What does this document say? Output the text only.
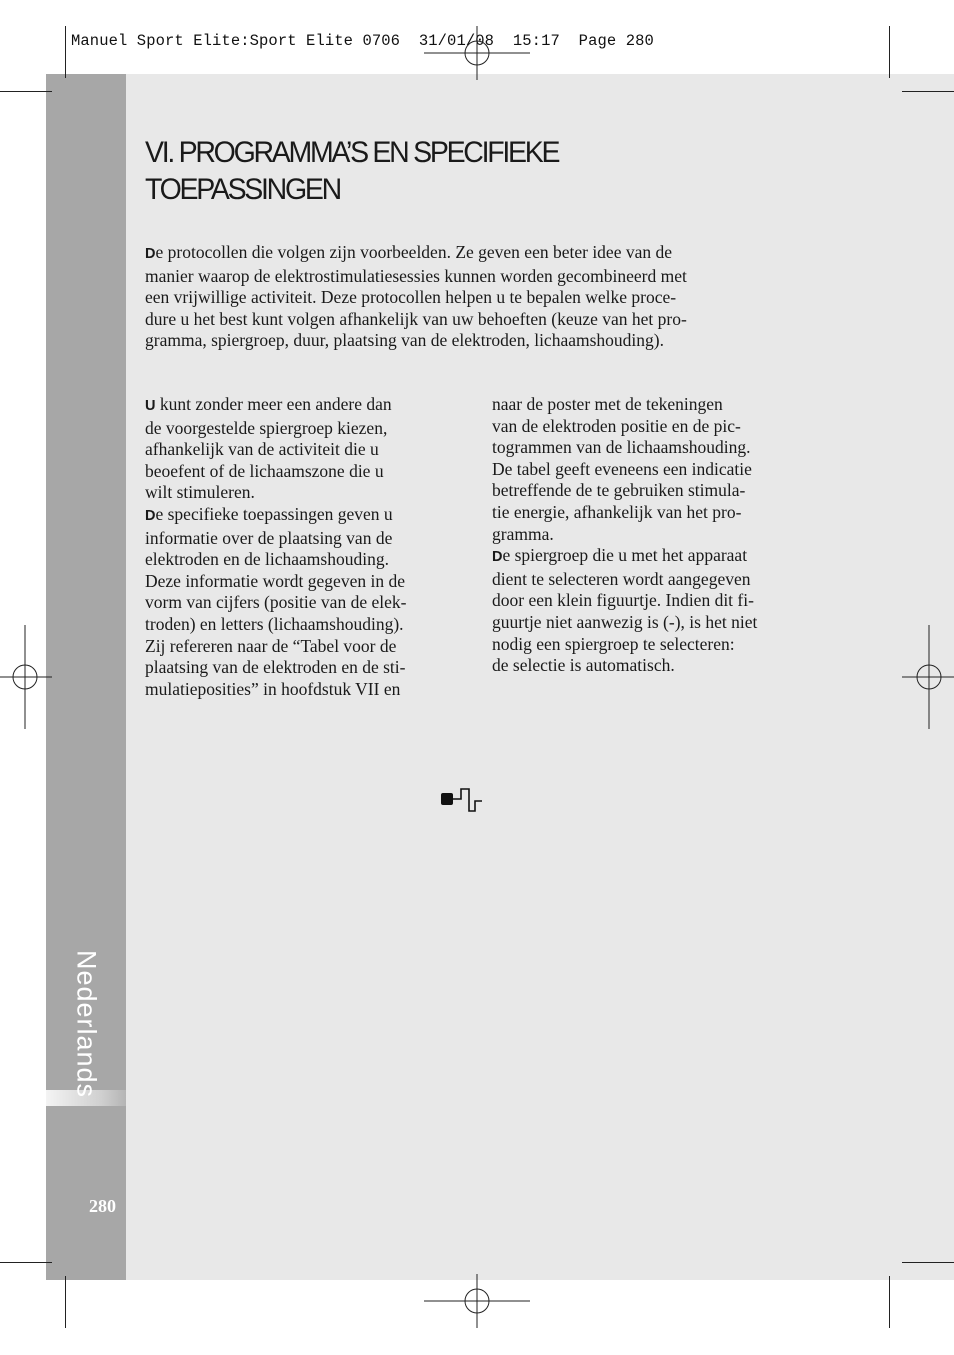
Nederlands
280
Manuel Sport Elite:Sport Elite 0706  31/01/08  15:17  Page 280
VI. PROGRAMMA’S EN SPECIFIEKE
TOEPASSINGEN

De protocollen die volgen zijn voorbeelden. Ze geven een beter idee van de
manier waarop de elektrostimulatiesessies kunnen worden gecombineerd met
een vrijwillige activiteit. Deze protocollen helpen u te bepalen welke proce-
dure u het best kunt volgen afhankelijk van uw behoeften (keuze van het pro-
gramma, spiergroep, duur, plaatsing van de elektroden, lichaamshouding).

U kunt zonder meer een andere dan
de voorgestelde spiergroep kiezen,
afhankelijk van de activiteit die u
beoefent of de lichaamszone die u
wilt stimuleren.

De specifieke toepassingen geven u
informatie over de plaatsing van de
elektroden en de lichaamshouding.
Deze informatie wordt gegeven in de
vorm van cijfers (positie van de elek-
troden) en letters (lichaamshouding).
Zij refereren naar de “Tabel voor de
plaatsing van de elektroden en de sti-
mulatieposities” in hoofdstuk VII en

naar de poster met de tekeningen
van de elektroden positie en de pic-
togrammen van de lichaamshouding.
De tabel geeft eveneens een indicatie
betreffende de te gebruiken stimula-
tie energie, afhankelijk van het pro-
gramma.

De spiergroep die u met het apparaat
dient te selecteren wordt aangegeven
door een klein figuurtje. Indien dit fi-
guurtje niet aanwezig is (-), is het niet
nodig een spiergroep te selecteren:
de selectie is automatisch.
